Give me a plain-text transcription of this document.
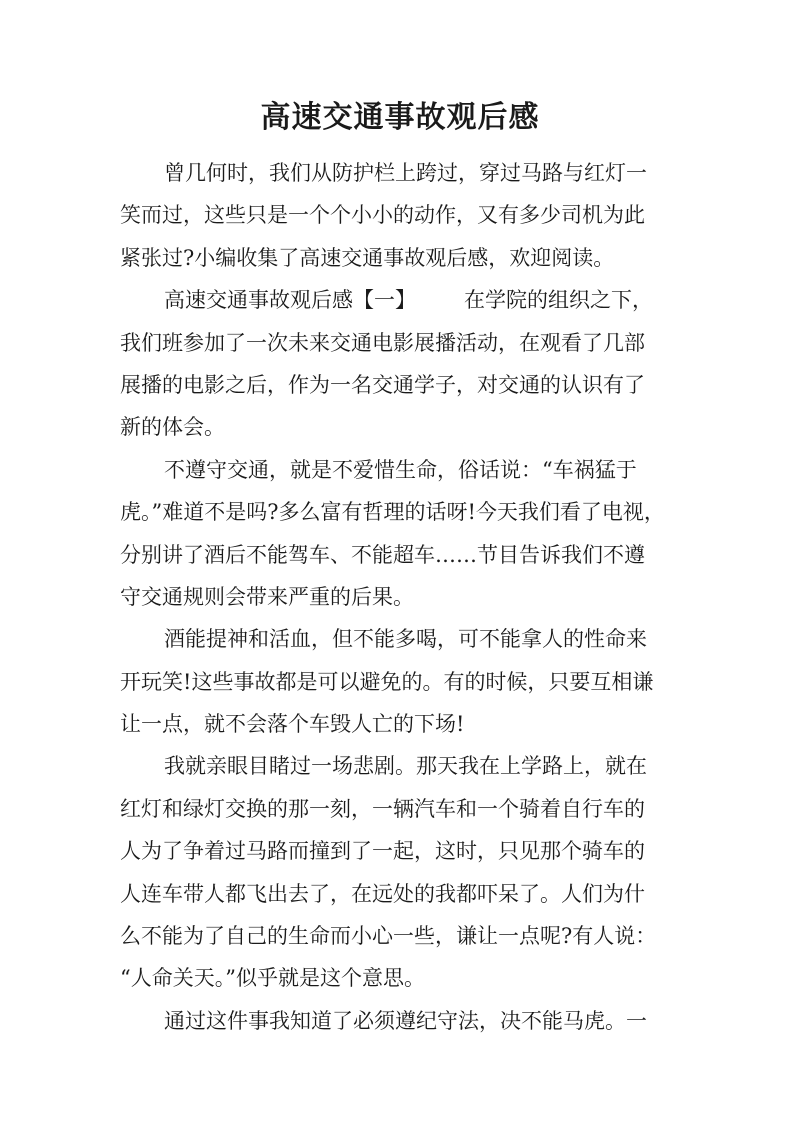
高速交通事故观后感
曾几何时，我们从防护栏上跨过，穿过马路与红灯一
笑而过，这些只是一个个小小的动作，又有多少司机为此
紧张过?小编收集了高速交通事故观后感，欢迎阅读。
高速交通事故观后感【一】 在学院的组织之下，
我们班参加了一次未来交通电影展播活动，在观看了几部
展播的电影之后，作为一名交通学子，对交通的认识有了
新的体会。
不遵守交通，就是不爱惜生命，俗话说：“车祸猛于
虎。”难道不是吗?多么富有哲理的话呀!今天我们看了电视，
分别讲了酒后不能驾车、不能超车……节目告诉我们不遵
守交通规则会带来严重的后果。
酒能提神和活血，但不能多喝，可不能拿人的性命来
开玩笑!这些事故都是可以避免的。有的时候，只要互相谦
让一点，就不会落个车毁人亡的下场!
我就亲眼目睹过一场悲剧。那天我在上学路上，就在
红灯和绿灯交换的那一刻，一辆汽车和一个骑着自行车的
人为了争着过马路而撞到了一起，这时，只见那个骑车的
人连车带人都飞出去了，在远处的我都吓呆了。人们为什
么不能为了自己的生命而小心一些，谦让一点呢?有人说：
“人命关天。”似乎就是这个意思。
通过这件事我知道了必须遵纪守法，决不能马虎。一
